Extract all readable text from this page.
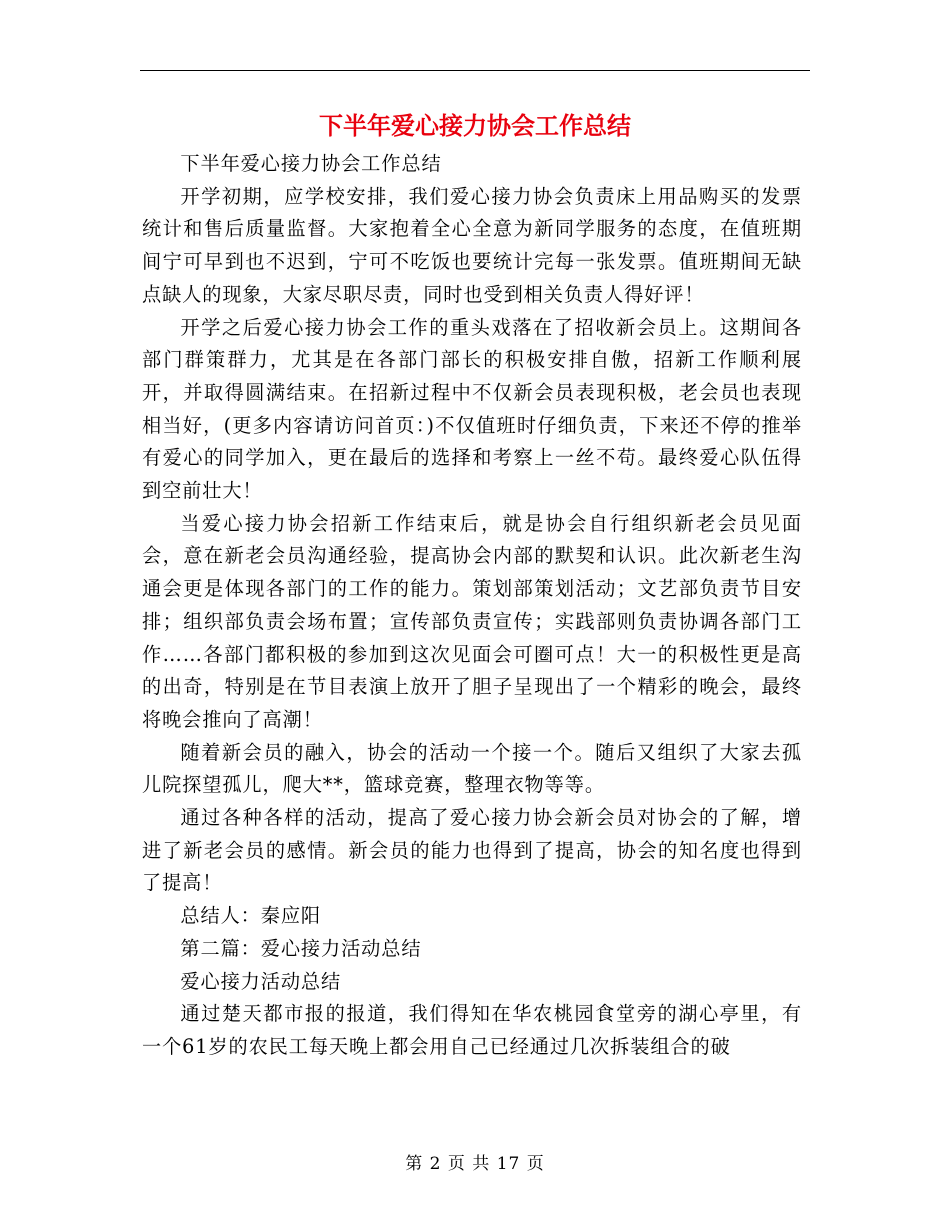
下半年爱心接力协会工作总结

下半年爱心接力协会工作总结

开学初期，应学校安排，我们爱心接力协会负责床上用品购买的发票统计和售后质量监督。大家抱着全心全意为新同学服务的态度，在值班期间宁可早到也不迟到，宁可不吃饭也要统计完每一张发票。值班期间无缺点缺人的现象，大家尽职尽责，同时也受到相关负责人得好评！

开学之后爱心接力协会工作的重头戏落在了招收新会员上。这期间各部门群策群力，尤其是在各部门部长的积极安排自傲，招新工作顺利展开，并取得圆满结束。在招新过程中不仅新会员表现积极，老会员也表现相当好，(更多内容请访问首页：)不仅值班时仔细负责，下来还不停的推举有爱心的同学加入，更在最后的选择和考察上一丝不苟。最终爱心队伍得到空前壮大！

当爱心接力协会招新工作结束后，就是协会自行组织新老会员见面会，意在新老会员沟通经验，提高协会内部的默契和认识。此次新老生沟通会更是体现各部门的工作的能力。策划部策划活动；文艺部负责节目安排；组织部负责会场布置；宣传部负责宣传；实践部则负责协调各部门工作……各部门都积极的参加到这次见面会可圈可点！大一的积极性更是高的出奇，特别是在节目表演上放开了胆子呈现出了一个精彩的晚会，最终将晚会推向了高潮！

随着新会员的融入，协会的活动一个接一个。随后又组织了大家去孤儿院探望孤儿，爬大**，篮球竞赛，整理衣物等等。

通过各种各样的活动，提高了爱心接力协会新会员对协会的了解，增进了新老会员的感情。新会员的能力也得到了提高，协会的知名度也得到了提高！

总结人：秦应阳

第二篇：爱心接力活动总结

爱心接力活动总结

通过楚天都市报的报道，我们得知在华农桃园食堂旁的湖心亭里，有一个61岁的农民工每天晚上都会用自己已经通过几次拆装组合的破

第 2 页 共 17 页
